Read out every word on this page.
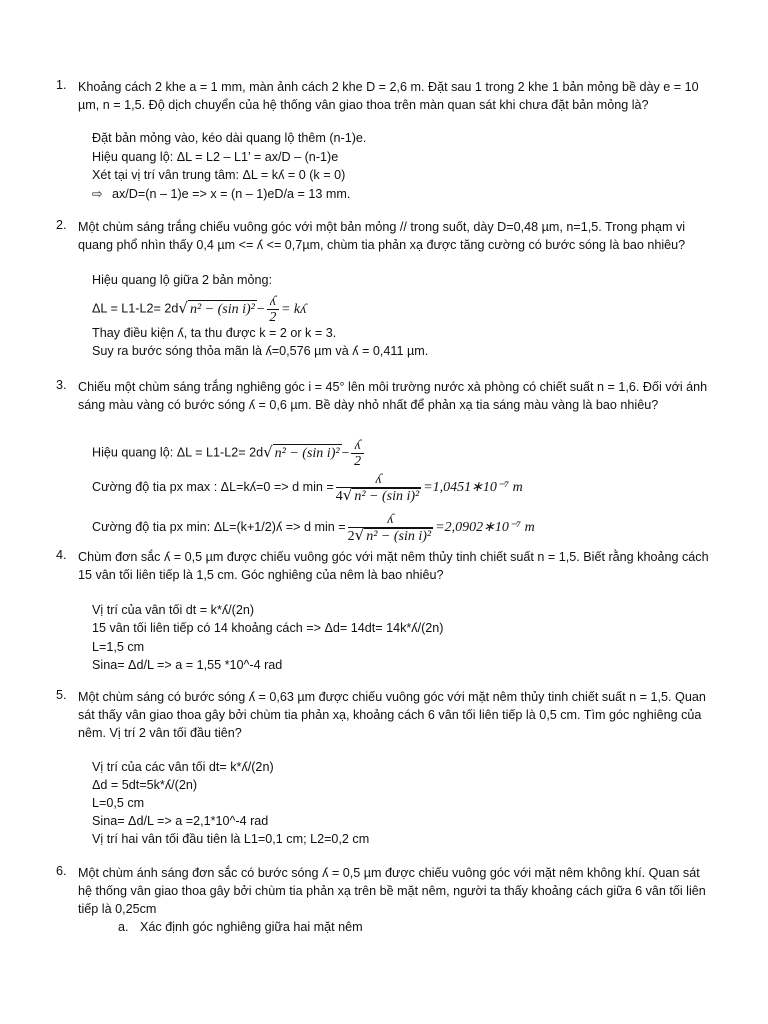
1. Khoảng cách 2 khe a = 1 mm, màn ảnh cách 2 khe D = 2,6 m. Đặt sau 1 trong 2 khe 1 bản mỏng bề dày e = 10 µm, n = 1,5. Độ dịch chuyển của hệ thống vân giao thoa trên màn quan sát khi chưa đặt bản mỏng là?
Đặt bản mỏng vào, kéo dài quang lộ thêm (n-1)e.
Hiệu quang lộ: ΔL = L2 – L1’ = ax/D – (n-1)e
Xét tại vị trí vân trung tâm: ΔL = kʎ = 0 (k = 0)
⇨ ax/D=(n – 1)e => x = (n – 1)eD/a = 13 mm.
2. Một chùm sáng trắng chiếu vuông góc với một bản mỏng // trong suốt, dày D=0,48 µm, n=1,5. Trong phạm vi quang phổ nhìn thấy 0,4 µm <= ʎ <= 0,7µm, chùm tia phản xạ được tăng cường có bước sóng là bao nhiêu?
Hiệu quang lộ giữa 2 bản mỏng:
ΔL = L1-L2= 2d√ n² − (sin $i)^2 - \frac{\text{ʎ}}{2}$ = kʎ
Thay điều kiện ʎ, ta thu được k = 2 or k = 3.
Suy ra bước sóng thỏa mãn là ʎ=0,576 µm và ʎ = 0,411 µm.
3. Chiếu một chùm sáng trắng nghiêng góc i = 45° lên môi trường nước xà phòng có chiết suất n = 1,6. Đối với ánh sáng màu vàng có bước sóng ʎ = 0,6 µm. Bề dày nhỏ nhất để phản xạ tia sáng màu vàng là bao nhiêu?
Hiệu quang lộ: ΔL = L1-L2= 2d√ n² − (sin $i)^2 - \frac{\text{ʎ}}{2}$
Cường độ tia px max : ΔL=kʎ=0 => d $\min = \frac{\text{ʎ}}{\text{4√ n² − (sin i)²}}$ =1,0451∗10⁻⁷ m
Cường độ tia px min: ΔL=(k+1/2)ʎ => d $\min = \frac{\text{ʎ}}{\text{2√ n² − (sin i)²}}$ =2,0902∗10⁻⁷ m
4. Chùm đơn sắc ʎ = 0,5 µm được chiếu vuông góc với mặt nêm thủy tinh chiết suất n = 1,5. Biết rằng khoảng cách 15 vân tối liên tiếp là 1,5 cm. Góc nghiêng của nêm là bao nhiêu?
Vị trí của vân tối dt = k*ʎ/(2n)
15 vân tối liên tiếp có 14 khoảng cách => Δd= 14dt= 14k*ʎ/(2n)
L=1,5 cm
Sina= Δd/L => a = 1,55 *10^-4 rad
5. Một chùm sáng có bước sóng ʎ = 0,63 µm được chiếu vuông góc với mặt nêm thủy tinh chiết suất n = 1,5. Quan sát thấy vân giao thoa gây bởi chùm tia phản xạ, khoảng cách 6 vân tối liên tiếp là 0,5 cm. Tìm góc nghiêng của nêm. Vị trí 2 vân tối đầu tiên?
Vị trí của các vân tối dt= k*ʎ/(2n)
Δd = 5dt=5k*ʎ/(2n)
L=0,5 cm
Sina= Δd/L => a =2,1*10^-4 rad
Vị trí hai vân tối đầu tiên là L1=0,1 cm; L2=0,2 cm
6. Một chùm ánh sáng đơn sắc có bước sóng ʎ = 0,5 µm được chiếu vuông góc với mặt nêm không khí. Quan sát hệ thống vân giao thoa gây bởi chùm tia phản xạ trên bề mặt nêm, người ta thấy khoảng cách giữa 6 vân tối liên tiếp là 0,25cm
a. Xác định góc nghiêng giữa hai mặt nêm
